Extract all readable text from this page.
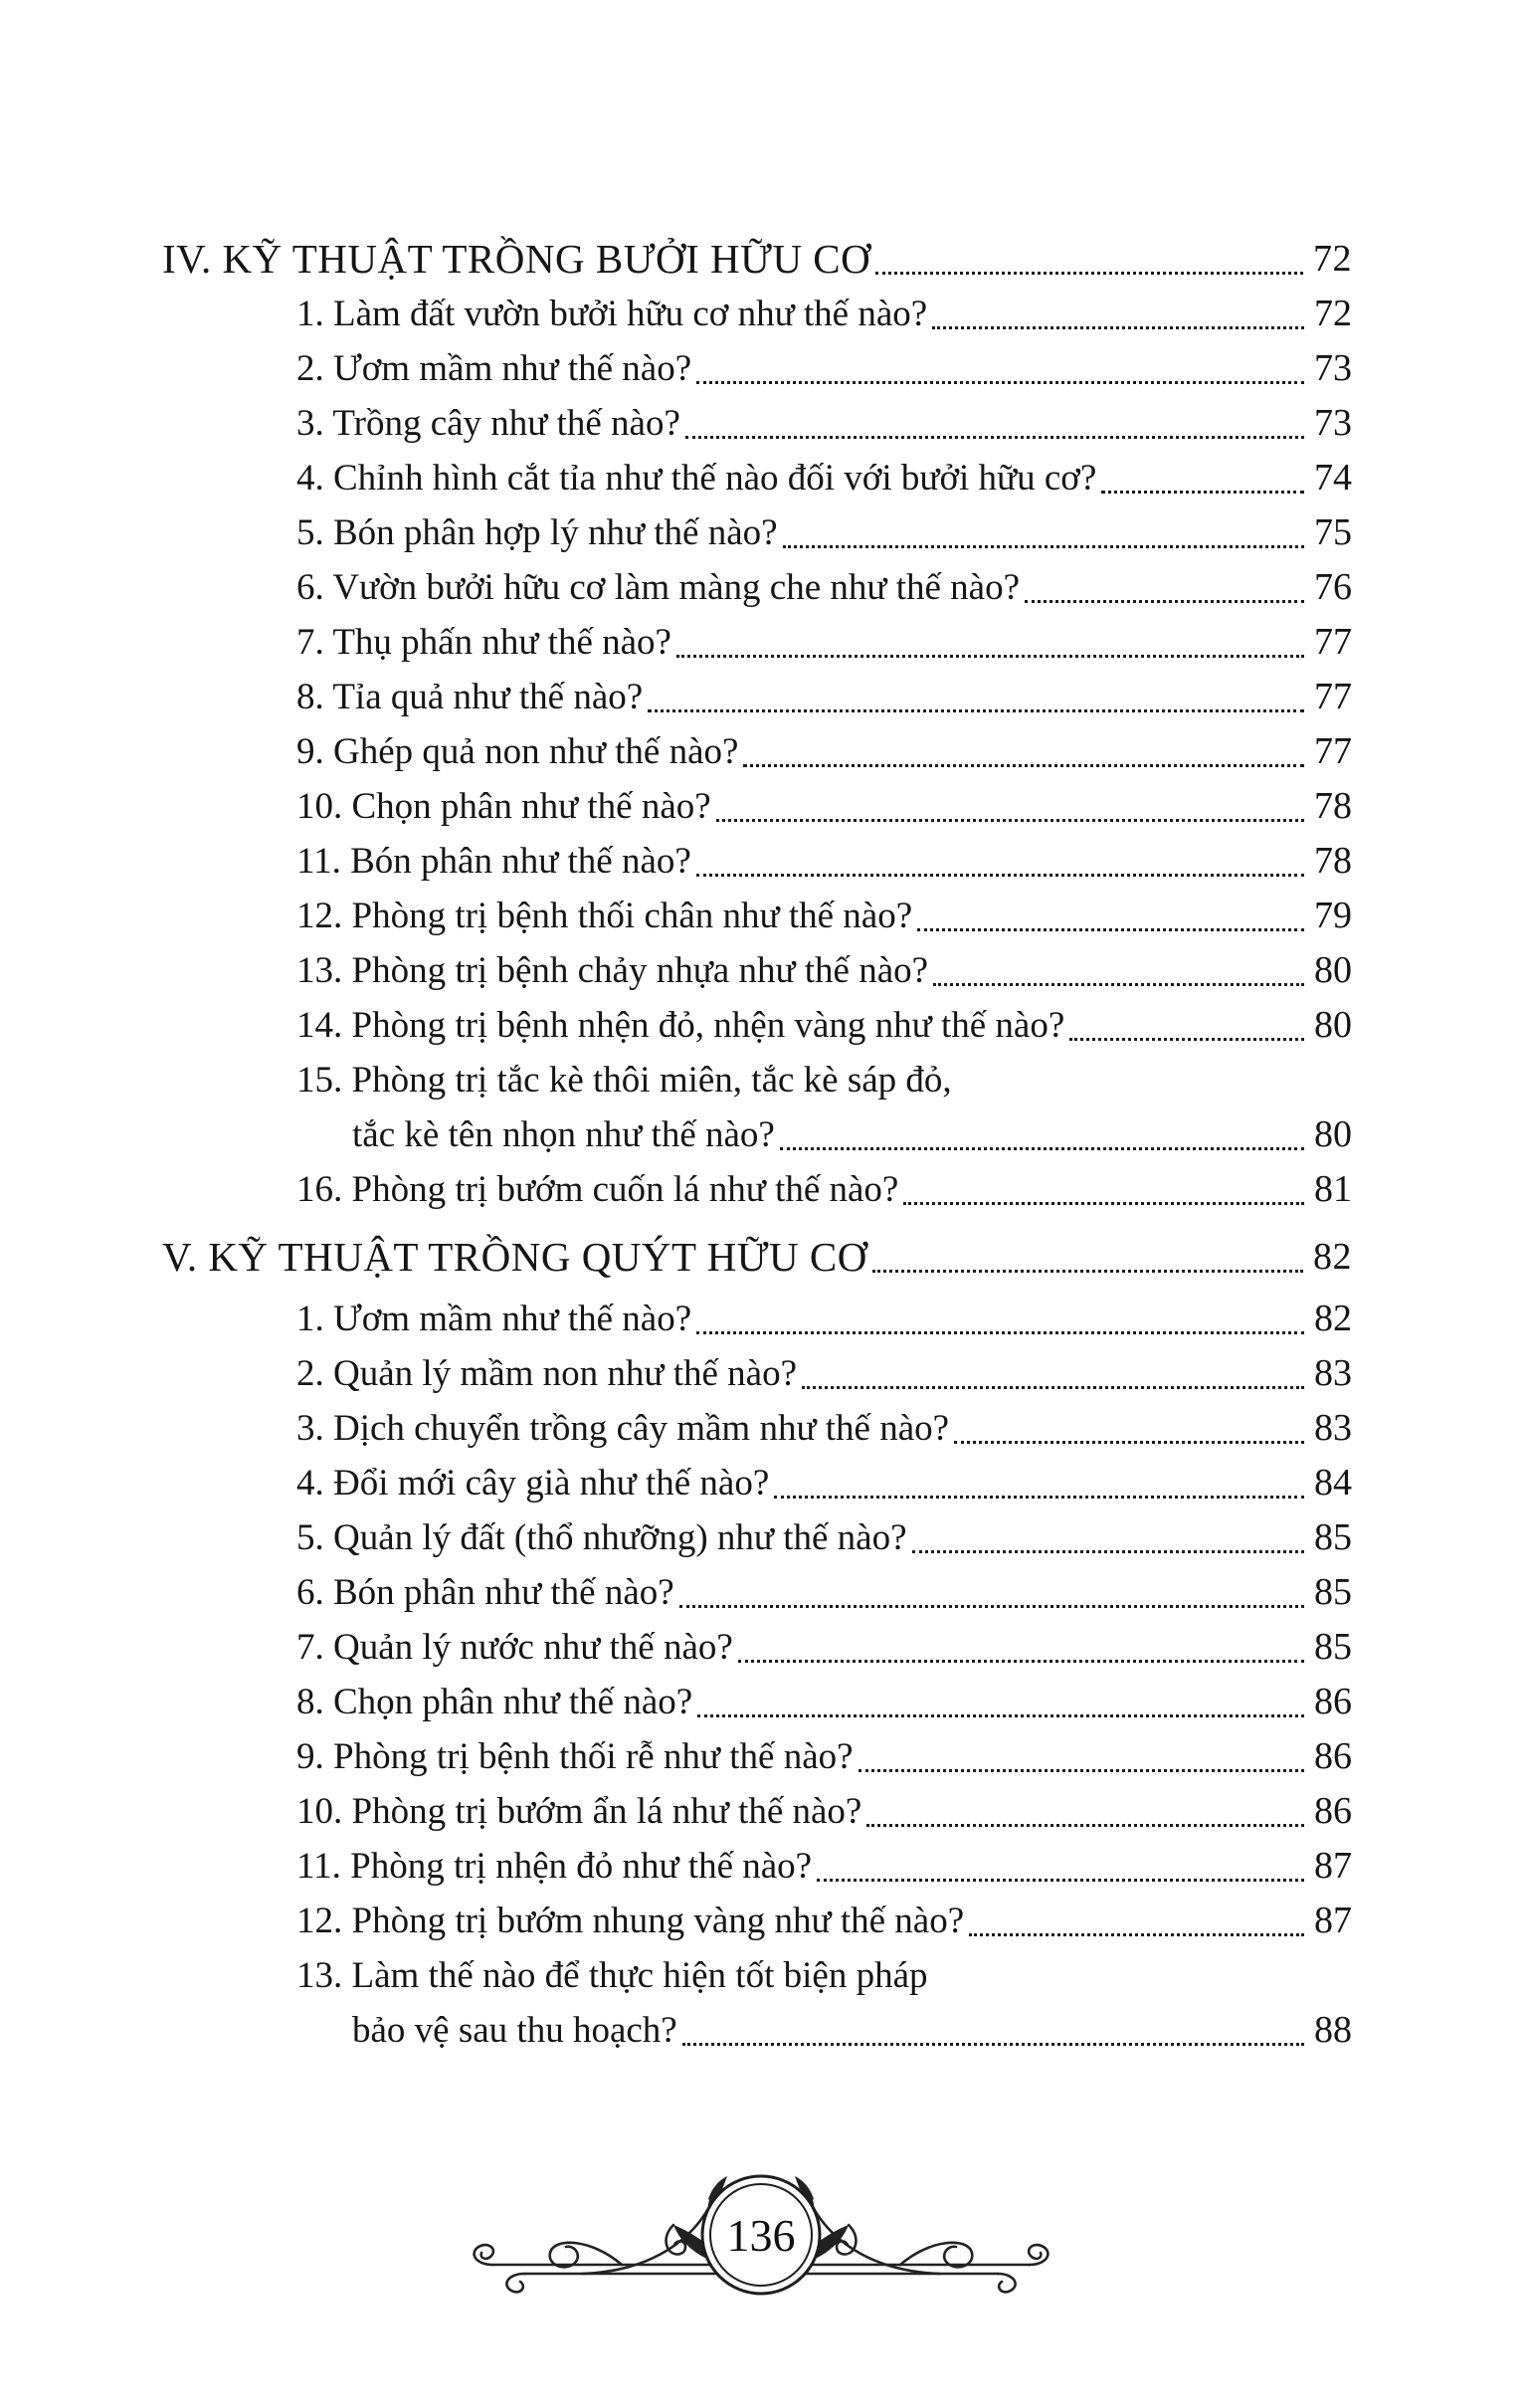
IV. KỸ THUẬT TRỒNG BƯỞI HỮU CƠ	72
1. Làm đất vườn bưởi hữu cơ như thế nào?	72
2. Ươm mầm như thế nào?	73
3. Trồng cây như thế nào?	73
4. Chỉnh hình cắt tỉa như thế nào đối với bưởi hữu cơ?	74
5. Bón phân hợp lý như thế nào?	75
6. Vườn bưởi hữu cơ làm màng che như thế nào?	76
7. Thụ phấn như thế nào?	77
8. Tỉa quả như thế nào?	77
9. Ghép quả non như thế nào?	77
10. Chọn phân như thế nào?	78
11. Bón phân như thế nào?	78
12. Phòng trị bệnh thối chân như thế nào?	79
13. Phòng trị bệnh chảy nhựa như thế nào?	80
14. Phòng trị bệnh nhện đỏ, nhện vàng như thế nào?	80
15. Phòng trị tắc kè thôi miên, tắc kè sáp đỏ,
tắc kè tên nhọn như thế nào?	80
16. Phòng trị bướm cuốn lá như thế nào?	81
V. KỸ THUẬT TRỒNG QUÝT HỮU CƠ	82
1. Ươm mầm như thế nào?	82
2. Quản lý mầm non như thế nào?	83
3. Dịch chuyển trồng cây mầm như thế nào?	83
4. Đổi mới cây già như thế nào?	84
5. Quản lý đất (thổ nhưỡng) như thế nào?	85
6. Bón phân như thế nào?	85
7. Quản lý nước như thế nào?	85
8. Chọn phân như thế nào?	86
9. Phòng trị bệnh thối rễ như thế nào?	86
10. Phòng trị bướm ẩn lá như thế nào?	86
11. Phòng trị nhện đỏ như thế nào?	87
12. Phòng trị bướm nhung vàng như thế nào?	87
13. Làm thế nào để thực hiện tốt biện pháp
bảo vệ sau thu hoạch?	88
136
